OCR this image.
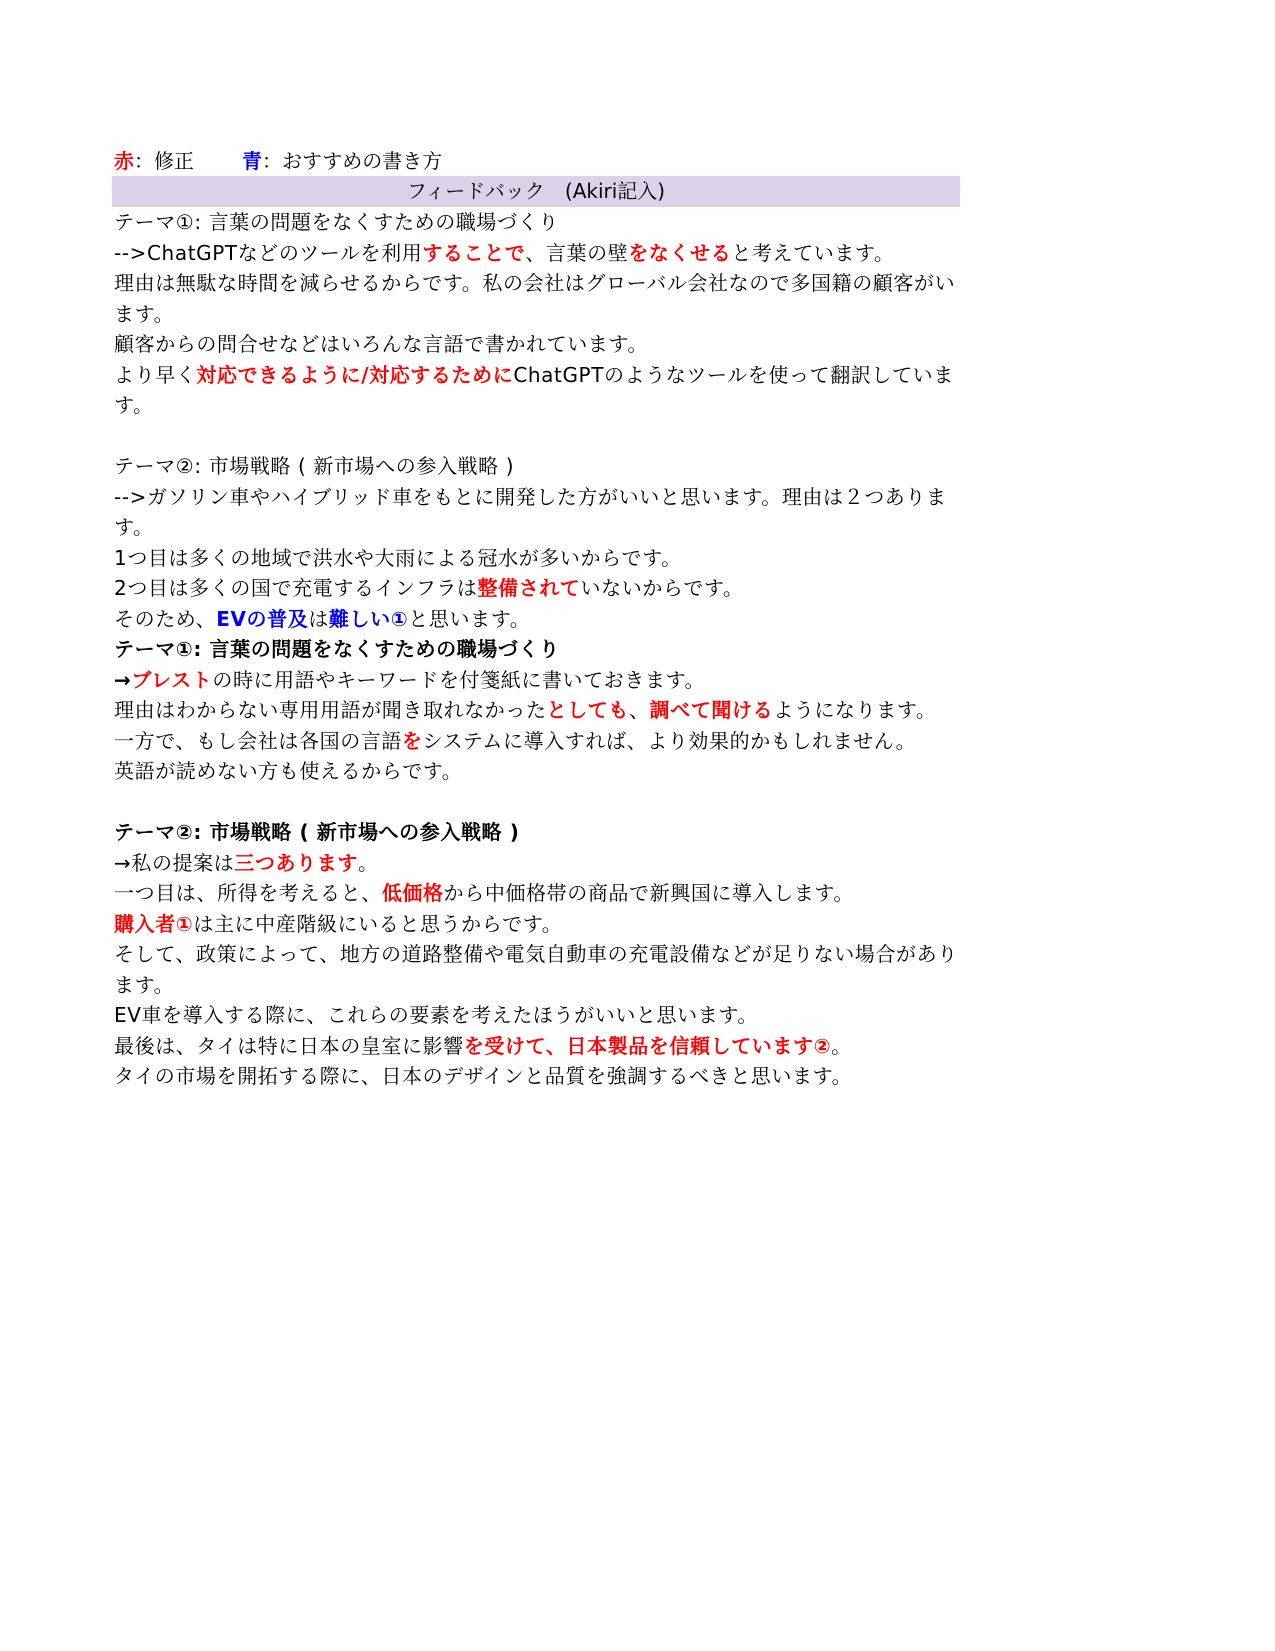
赤：修正 青：おすすめの書き方
フィードバック　(Akiri記入)
テーマ①: 言葉の問題をなくすための職場づくり
-->ChatGPTなどのツールを利用することで、言葉の壁をなくせると考えています。
理由は無駄な時間を減らせるからです。私の会社はグローバル会社なので多国籍の顧客がいます。
顧客からの問合せなどはいろんな言語で書かれています。
より早く対応できるように/対応するためにChatGPTのようなツールを使って翻訳しています。
テーマ②: 市場戦略 ( 新市場への参入戦略 )
-->ガソリン車やハイブリッド車をもとに開発した方がいいと思います。理由は２つあります。
1つ目は多くの地域で洪水や大雨による冠水が多いからです。
2つ目は多くの国で充電するインフラは整備されていないからです。
そのため、EVの普及は難しい①と思います。
テーマ①: 言葉の問題をなくすための職場づくり
→ブレストの時に用語やキーワードを付箋紙に書いておきます。
理由はわからない専用用語が聞き取れなかったとしても、調べて聞けるようになります。
一方で、もし会社は各国の言語をシステムに導入すれば、より効果的かもしれません。
英語が読めない方も使えるからです。
テーマ②: 市場戦略 ( 新市場への参入戦略 )
→私の提案は三つあります。
一つ目は、所得を考えると、低価格から中価格帯の商品で新興国に導入します。
購入者①は主に中産階級にいると思うからです。
そして、政策によって、地方の道路整備や電気自動車の充電設備などが足りない場合があります。
EV車を導入する際に、これらの要素を考えたほうがいいと思います。
最後は、タイは特に日本の皇室に影響を受けて、日本製品を信頼しています②。
タイの市場を開拓する際に、日本のデザインと品質を強調するべきと思います。
